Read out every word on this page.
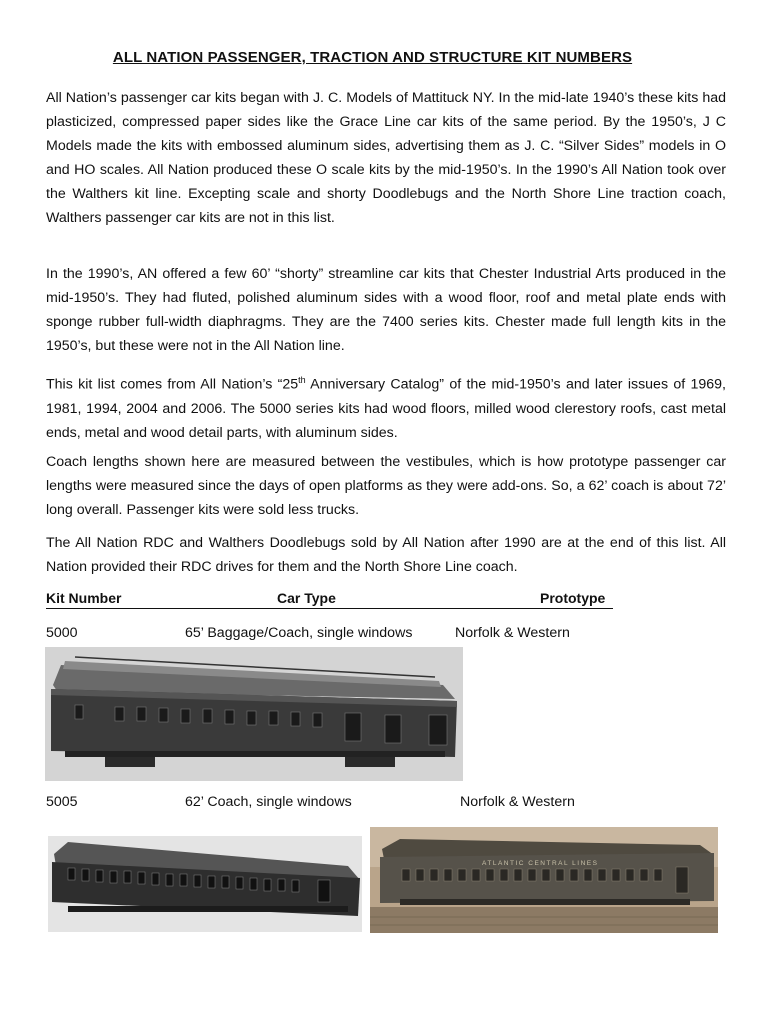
ALL NATION PASSENGER, TRACTION AND STRUCTURE KIT NUMBERS

All Nation’s passenger car kits began with J. C. Models of Mattituck NY. In the mid-late 1940’s these kits had plasticized, compressed paper sides like the Grace Line car kits of the same period. By the 1950’s, J C Models made the kits with embossed aluminum sides, advertising them as J. C. “Silver Sides” models in O and HO scales. All Nation produced these O scale kits by the mid-1950’s. In the 1990’s All Nation took over the Walthers kit line. Excepting scale and shorty Doodlebugs and the North Shore Line traction coach, Walthers passenger car kits are not in this list.

In the 1990’s, AN offered a few 60’ “shorty” streamline car kits that Chester Industrial Arts produced in the mid-1950’s. They had fluted, polished aluminum sides with a wood floor, roof and metal plate ends with sponge rubber full-width diaphragms. They are the 7400 series kits. Chester made full length kits in the 1950’s, but these were not in the All Nation line.

This kit list comes from All Nation’s “25th Anniversary Catalog” of the mid-1950’s and later issues of 1969, 1981, 1994, 2004 and 2006. The 5000 series kits had wood floors, milled wood clerestory roofs, cast metal ends, metal and wood detail parts, with aluminum sides.

Coach lengths shown here are measured between the vestibules, which is how prototype passenger car lengths were measured since the days of open platforms as they were add-ons. So, a 62’ coach is about 72’ long overall. Passenger kits were sold less trucks.

The All Nation RDC and Walthers Doodlebugs sold by All Nation after 1990 are at the end of this list. All Nation provided their RDC drives for them and the North Shore Line coach.

Kit Number	Car Type	Prototype
5000	65’ Baggage/Coach, single windows	Norfolk & Western
5005	62’ Coach, single windows	Norfolk & Western
ATLANTIC CENTRAL LINES
